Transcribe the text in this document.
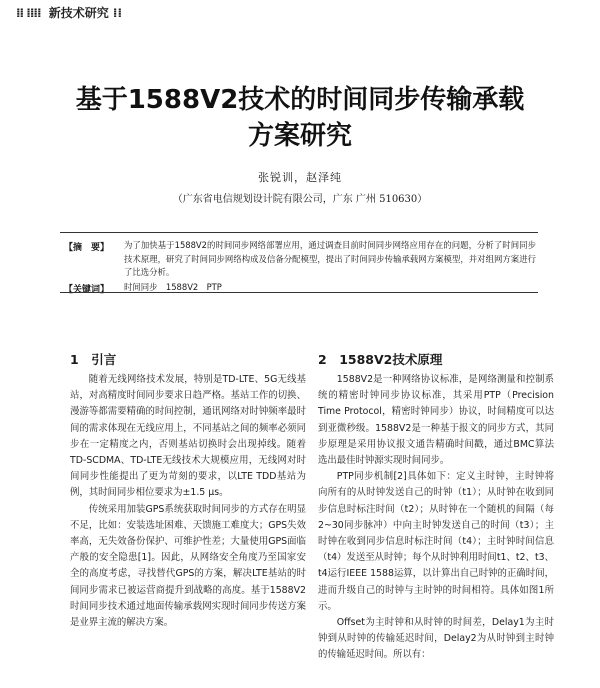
⁞⁞ ⁞⁞⁞⁞ 新技术研究 ⁞⁞
基于1588V2技术的时间同步传输承载
方案研究
张锐训，赵泽纯
（广东省电信规划设计院有限公司，广东 广州 510630）
【摘　要】 为了加快基于1588V2的时间同步网络部署应用，通过调查目前时间同步网络应用存在的问题，分析了时间同步技术原理，研究了时间同步网络构成及信备分配模型，提出了时间同步传输承载网方案模型，并对组网方案进行了比选分析。
【关键词】 时间同步　1588V2　PTP
1　引言

随着无线网络技术发展，特别是TD-LTE、5G无线基站，对高精度时间同步要求日趋严格。基站工作的切换、漫游等都需要精确的时间控制，通讯网络对时钟频率最时间的需求体现在无线应用上，不同基站之间的频率必须同步在一定精度之内，否则基站切换时会出现掉线。随着TD-SCDMA、TD-LTE无线技术大规模应用，无线网对时间同步性能提出了更为苛刻的要求，以LTE TDD基站为例，其时间同步相位要求为±1.5 μs。

传统采用加装GPS系统获取时间同步的方式存在明显不足，比如：安装选址困难、天馈施工难度大；GPS失效率高，无失效备份保护、可维护性差；大量使用GPS面临产般的安全隐患[1]。因此，从网络安全角度乃至国家安全的高度考虑，寻找替代GPS的方案，解决LTE基站的时间同步需求已被运营商提升到战略的高度。基于1588V2时间同步技术通过地面传输承载网实现时间同步传送方案是业界主流的解决方案。

2　1588V2技术原理

1588V2是一种网络协议标准，是网络测量和控制系统的精密时钟同步协议标准，其采用PTP（Precision Time Protocol，精密时钟同步）协议，时间精度可以达到亚微秒级。1588V2是一种基于报文的同步方式，其同步原理是采用协议报文通告精确时间戳，通过BMC算法选出最佳时钟源实现时间同步。

PTP同步机制[2]具体如下：定义主时钟，主时钟将向所有的从时钟发送自己的时钟（t1）；从时钟在收到同步信息时标注时间（t2）；从时钟在一个随机的间隔（每2~30同步脉冲）中向主时钟发送自己的时间（t3）；主时钟在收到同步信息时标注时间（t4）；主时钟时间信息（t4）发送至从时钟；每个从时钟利用时间t1、t2、t3、t4运行IEEE 1588运算，以计算出自己时钟的正确时间，进而升级自己的时钟与主时钟的时间相符。具体如图1所示。

Offset为主时钟和从时钟的时间差，Delay1为主时钟到从时钟的传输延迟时间，Delay2为从时钟到主时钟的传输延迟时间。所以有：
